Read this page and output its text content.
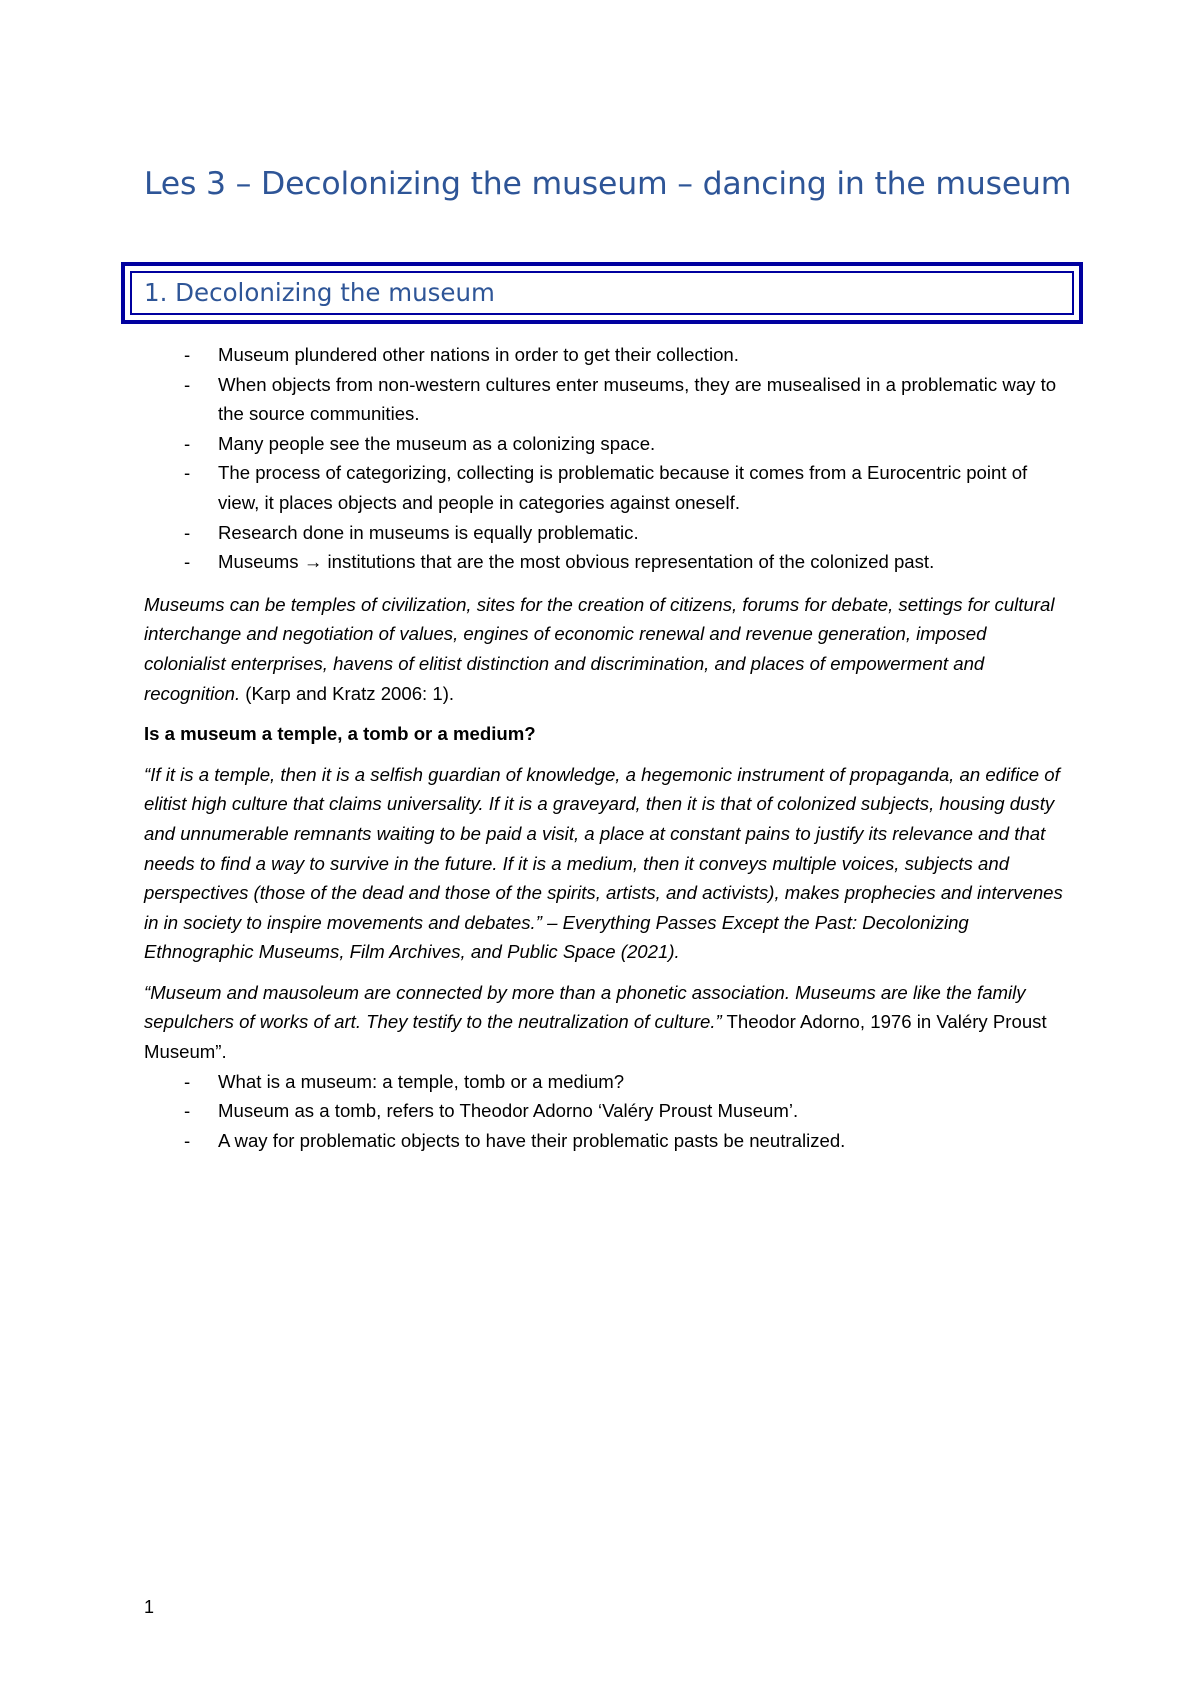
Les 3 – Decolonizing the museum – dancing in the museum
1. Decolonizing the museum
- Museum plundered other nations in order to get their collection.
- When objects from non-western cultures enter museums, they are musealised in a problematic way to the source communities.
- Many people see the museum as a colonizing space.
- The process of categorizing, collecting is problematic because it comes from a Eurocentric point of view, it places objects and people in categories against oneself.
- Research done in museums is equally problematic.
- Museums → institutions that are the most obvious representation of the colonized past.

Museums can be temples of civilization, sites for the creation of citizens, forums for debate, settings for cultural interchange and negotiation of values, engines of economic renewal and revenue generation, imposed colonialist enterprises, havens of elitist distinction and discrimination, and places of empowerment and recognition. (Karp and Kratz 2006: 1).

Is a museum a temple, a tomb or a medium?

“If it is a temple, then it is a selfish guardian of knowledge, a hegemonic instrument of propaganda, an edifice of elitist high culture that claims universality. If it is a graveyard, then it is that of colonized subjects, housing dusty and unnumerable remnants waiting to be paid a visit, a place at constant pains to justify its relevance and that needs to find a way to survive in the future. If it is a medium, then it conveys multiple voices, subjects and perspectives (those of the dead and those of the spirits, artists, and activists), makes prophecies and intervenes in in society to inspire movements and debates.” – Everything Passes Except the Past: Decolonizing Ethnographic Museums, Film Archives, and Public Space (2021).

“Museum and mausoleum are connected by more than a phonetic association. Museums are like the family sepulchers of works of art. They testify to the neutralization of culture.” Theodor Adorno, 1976 in Valéry Proust Museum”.

- What is a museum: a temple, tomb or a medium?
- Museum as a tomb, refers to Theodor Adorno ‘Valéry Proust Museum’.
- A way for problematic objects to have their problematic pasts be neutralized.
1
